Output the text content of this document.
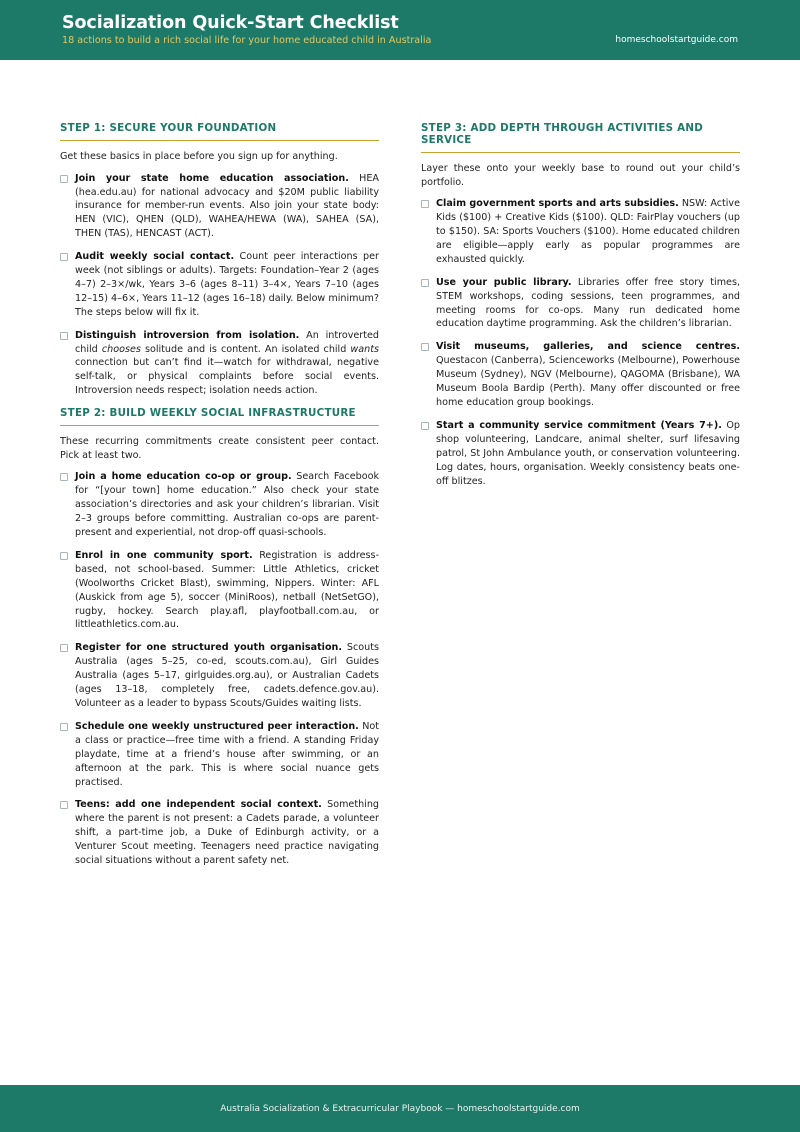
Socialization Quick-Start Checklist
18 actions to build a rich social life for your home educated child in Australia	homeschoolstartguide.com
STEP 1: SECURE YOUR FOUNDATION
Get these basics in place before you sign up for anything.
Join your state home education association. HEA (hea.edu.au) for national advocacy and $20M public liability insurance for member-run events. Also join your state body: HEN (VIC), QHEN (QLD), WAHEA/HEWA (WA), SAHEA (SA), THEN (TAS), HENCAST (ACT).
Audit weekly social contact. Count peer interactions per week (not siblings or adults). Targets: Foundation–Year 2 (ages 4–7) 2–3×/wk, Years 3–6 (ages 8–11) 3–4×, Years 7–10 (ages 12–15) 4–6×, Years 11–12 (ages 16–18) daily. Below minimum? The steps below will fix it.
Distinguish introversion from isolation. An introverted child chooses solitude and is content. An isolated child wants connection but can’t find it—watch for withdrawal, negative self-talk, or physical complaints before social events. Introversion needs respect; isolation needs action.
STEP 2: BUILD WEEKLY SOCIAL INFRASTRUCTURE
These recurring commitments create consistent peer contact. Pick at least two.
Join a home education co-op or group. Search Facebook for “[your town] home education.” Also check your state association’s directories and ask your children’s librarian. Visit 2–3 groups before committing. Australian co-ops are parent-present and experiential, not drop-off quasi-schools.
Enrol in one community sport. Registration is address-based, not school-based. Summer: Little Athletics, cricket (Woolworths Cricket Blast), swimming, Nippers. Winter: AFL (Auskick from age 5), soccer (MiniRoos), netball (NetSetGO), rugby, hockey. Search play.afl, playfootball.com.au, or littleathletics.com.au.
Register for one structured youth organisation. Scouts Australia (ages 5–25, co-ed, scouts.com.au), Girl Guides Australia (ages 5–17, girlguides.org.au), or Australian Cadets (ages 13–18, completely free, cadets.defence.gov.au). Volunteer as a leader to bypass Scouts/Guides waiting lists.
Schedule one weekly unstructured peer interaction. Not a class or practice—free time with a friend. A standing Friday playdate, time at a friend’s house after swimming, or an afternoon at the park. This is where social nuance gets practised.
Teens: add one independent social context. Something where the parent is not present: a Cadets parade, a volunteer shift, a part-time job, a Duke of Edinburgh activity, or a Venturer Scout meeting. Teenagers need practice navigating social situations without a parent safety net.
STEP 3: ADD DEPTH THROUGH ACTIVITIES AND SERVICE
Layer these onto your weekly base to round out your child’s portfolio.
Claim government sports and arts subsidies. NSW: Active Kids ($100) + Creative Kids ($100). QLD: FairPlay vouchers (up to $150). SA: Sports Vouchers ($100). Home educated children are eligible—apply early as popular programmes are exhausted quickly.
Use your public library. Libraries offer free story times, STEM workshops, coding sessions, teen programmes, and meeting rooms for co-ops. Many run dedicated home education daytime programming. Ask the children’s librarian.
Visit museums, galleries, and science centres. Questacon (Canberra), Scienceworks (Melbourne), Powerhouse Museum (Sydney), NGV (Melbourne), QAGOMA (Brisbane), WA Museum Boola Bardip (Perth). Many offer discounted or free home education group bookings.
Start a community service commitment (Years 7+). Op shop volunteering, Landcare, animal shelter, surf lifesaving patrol, St John Ambulance youth, or conservation volunteering. Log dates, hours, organisation. Weekly consistency beats one-off blitzes.
Australia Socialization & Extracurricular Playbook — homeschoolstartguide.com
